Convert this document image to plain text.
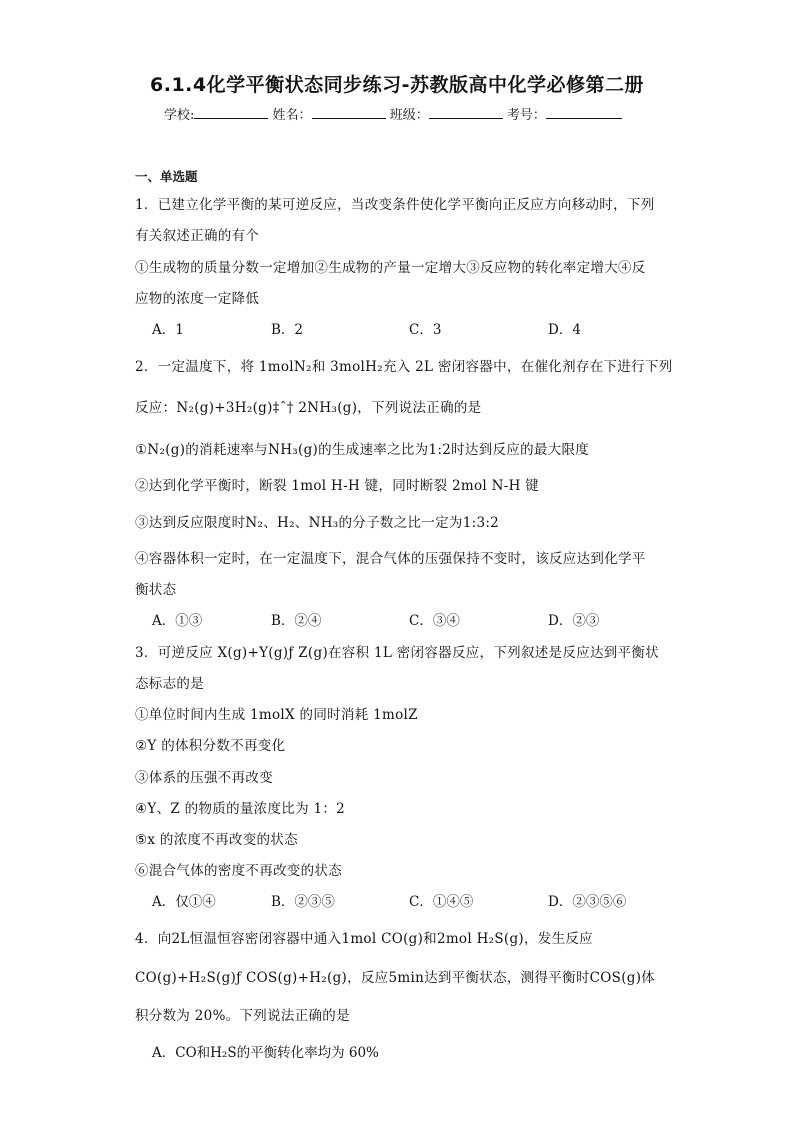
6.1.4化学平衡状态同步练习-苏教版高中化学必修第二册
学校:	姓名：	班级：	考号：
一、单选题
1．已建立化学平衡的某可逆反应，当改变条件使化学平衡向正反应方向移动时，下列
有关叙述正确的有个
①生成物的质量分数一定增加②生成物的产量一定增大③反应物的转化率定增大④反
应物的浓度一定降低
A．1	B．2	C．3	D．4
2．一定温度下，将 1molN₂和 3molH₂充入 2L 密闭容器中，在催化剂存在下进行下列
反应：N₂(g)+3H₂(g)‡ˆ† 2NH₃(g)，下列说法正确的是
①N₂(g)的消耗速率与NH₃(g)的生成速率之比为1:2时达到反应的最大限度
②达到化学平衡时，断裂 1mol H-H 键，同时断裂 2mol N-H 键
③达到反应限度时N₂、H₂、NH₃的分子数之比一定为1:3:2
④容器体积一定时，在一定温度下，混合气体的压强保持不变时，该反应达到化学平
衡状态
A．①③	B．②④	C．③④	D．②③
3．可逆反应 X(g)+Y(g)ƒ Z(g)在容积 1L 密闭容器反应，下列叙述是反应达到平衡状
态标志的是
①单位时间内生成 1molX 的同时消耗 1molZ
②Y 的体积分数不再变化
③体系的压强不再改变
④Y、Z 的物质的量浓度比为 1：2
⑤x 的浓度不再改变的状态
⑥混合气体的密度不再改变的状态
A．仅①④	B．②③⑤	C．①④⑤	D．②③⑤⑥
4．向2L恒温恒容密闭容器中通入1mol CO(g)和2mol H₂S(g)，发生反应
CO(g)+H₂S(g)ƒ COS(g)+H₂(g)，反应5min达到平衡状态，测得平衡时COS(g)体
积分数为 20%。下列说法正确的是
A．CO和H₂S的平衡转化率均为 60%
